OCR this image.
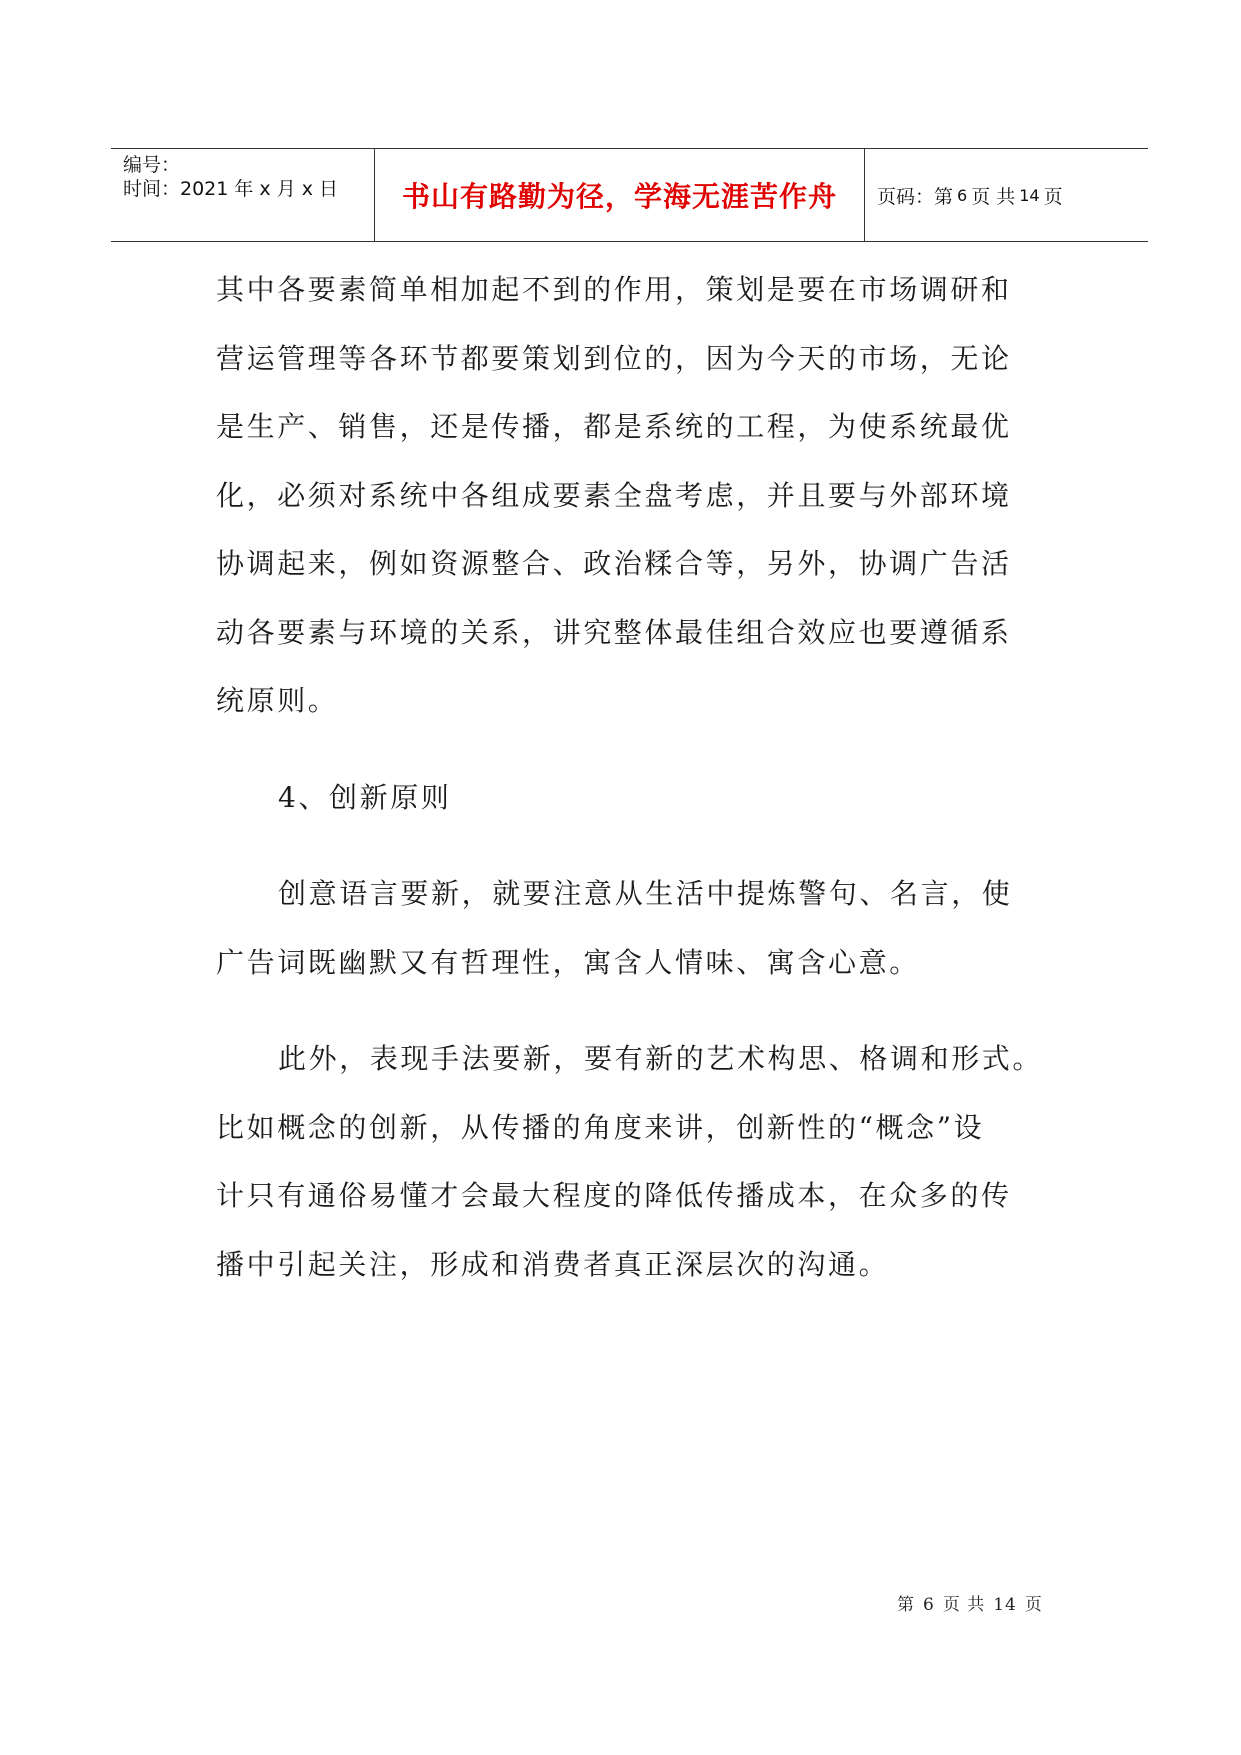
编号：
时间：2021 年 x 月 x 日	书山有路勤为径，学海无涯苦作舟 页码：第 6 页 共 14 页
其中各要素简单相加起不到的作用，策划是要在市场调研和
营运管理等各环节都要策划到位的，因为今天的市场，无论
是生产、销售，还是传播，都是系统的工程，为使系统最优
化，必须对系统中各组成要素全盘考虑，并且要与外部环境
协调起来，例如资源整合、政治糅合等，另外，协调广告活
动各要素与环境的关系，讲究整体最佳组合效应也要遵循系
统原则。
4、创新原则
创意语言要新，就要注意从生活中提炼警句、名言，使
广告词既幽默又有哲理性，寓含人情味、寓含心意。
此外，表现手法要新，要有新的艺术构思、格调和形式。
比如概念的创新，从传播的角度来讲，创新性的“概念”设
计只有通俗易懂才会最大程度的降低传播成本，在众多的传
播中引起关注，形成和消费者真正深层次的沟通。
第 6 页 共 14 页
